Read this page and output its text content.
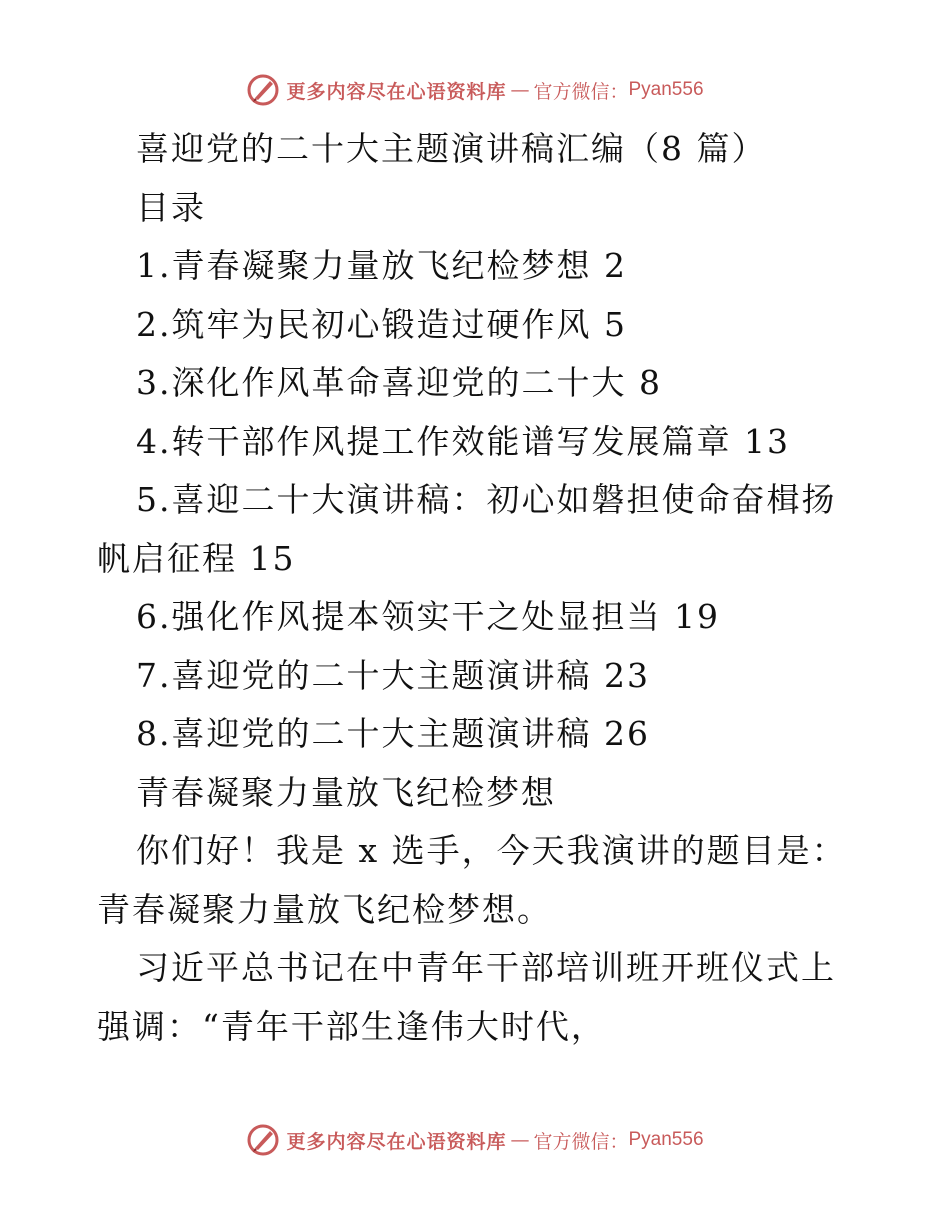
更多内容尽在心语资料库 — 官方微信： Pyan556

喜迎党的二十大主题演讲稿汇编（8 篇）

目录

1.青春凝聚力量放飞纪检梦想 2

2.筑牢为民初心锻造过硬作风 5

3.深化作风革命喜迎党的二十大 8

4.转干部作风提工作效能谱写发展篇章 13

5.喜迎二十大演讲稿：初心如磐担使命奋楫扬帆启征程 15

6.强化作风提本领实干之处显担当 19

7.喜迎党的二十大主题演讲稿 23

8.喜迎党的二十大主题演讲稿 26

青春凝聚力量放飞纪检梦想

你们好！我是 x 选手，今天我演讲的题目是：青春凝聚力量放飞纪检梦想。

习近平总书记在中青年干部培训班开班仪式上强调：“青年干部生逢伟大时代，

更多内容尽在心语资料库 — 官方微信： Pyan556
